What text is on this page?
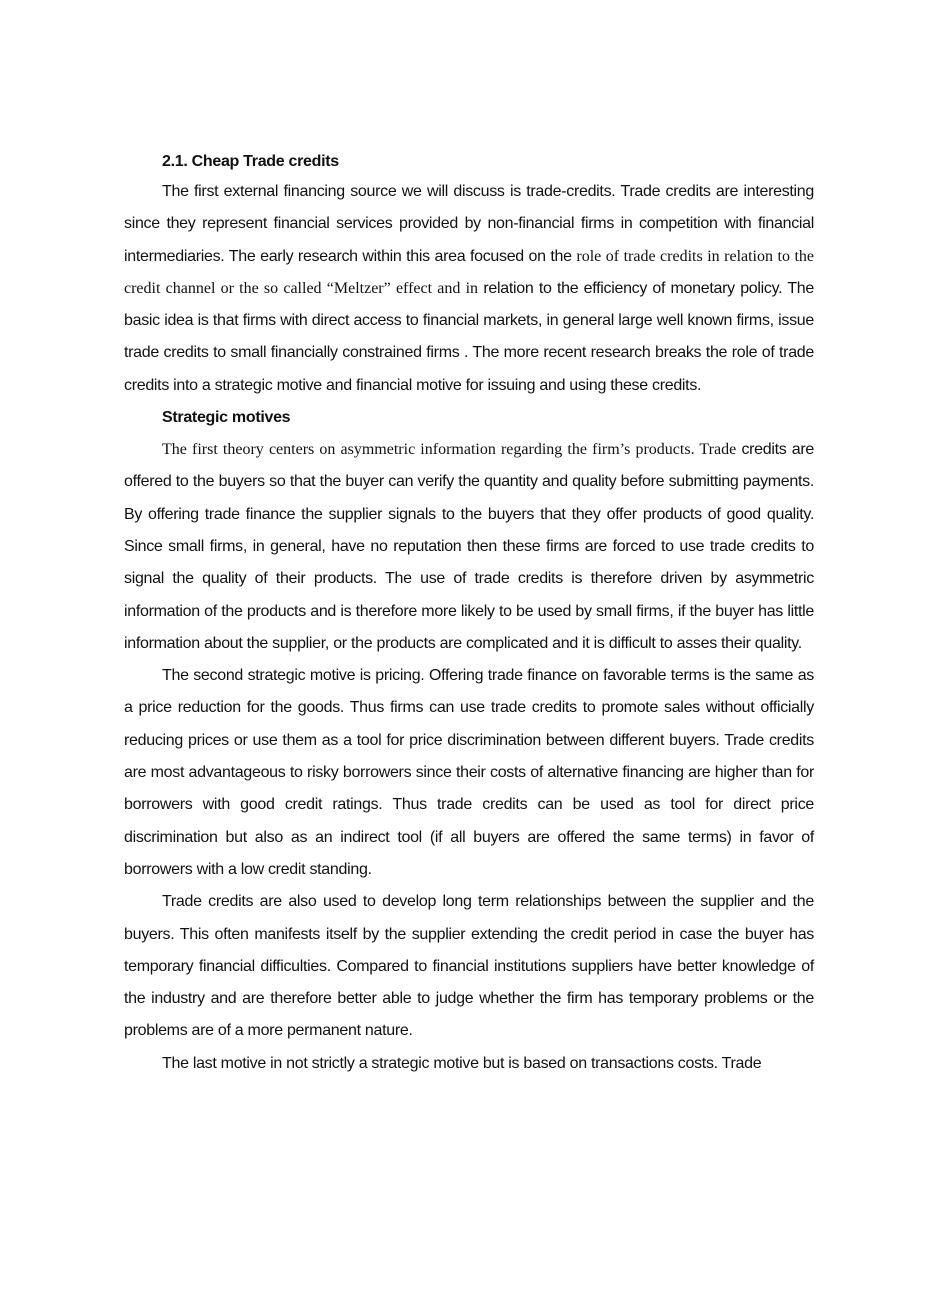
2.1. Cheap Trade credits

The first external financing source we will discuss is trade-credits. Trade credits are interesting since they represent financial services provided by non-financial firms in competition with financial intermediaries. The early research within this area focused on the role of trade credits in relation to the credit channel or the so called “Meltzer” effect and in relation to the efficiency of monetary policy. The basic idea is that firms with direct access to financial markets, in general large well known firms, issue trade credits to small financially constrained firms . The more recent research breaks the role of trade credits into a strategic motive and financial motive for issuing and using these credits.

Strategic motives

The first theory centers on asymmetric information regarding the firm’s products. Trade credits are offered to the buyers so that the buyer can verify the quantity and quality before submitting payments. By offering trade finance the supplier signals to the buyers that they offer products of good quality. Since small firms, in general, have no reputation then these firms are forced to use trade credits to signal the quality of their products. The use of trade credits is therefore driven by asymmetric information of the products and is therefore more likely to be used by small firms, if the buyer has little information about the supplier, or the products are complicated and it is difficult to asses their quality.

The second strategic motive is pricing. Offering trade finance on favorable terms is the same as a price reduction for the goods. Thus firms can use trade credits to promote sales without officially reducing prices or use them as a tool for price discrimination between different buyers. Trade credits are most advantageous to risky borrowers since their costs of alternative financing are higher than for borrowers with good credit ratings. Thus trade credits can be used as tool for direct price discrimination but also as an indirect tool (if all buyers are offered the same terms) in favor of borrowers with a low credit standing.

Trade credits are also used to develop long term relationships between the supplier and the buyers. This often manifests itself by the supplier extending the credit period in case the buyer has temporary financial difficulties. Compared to financial institutions suppliers have better knowledge of the industry and are therefore better able to judge whether the firm has temporary problems or the problems are of a more permanent nature.

The last motive in not strictly a strategic motive but is based on transactions costs. Trade
